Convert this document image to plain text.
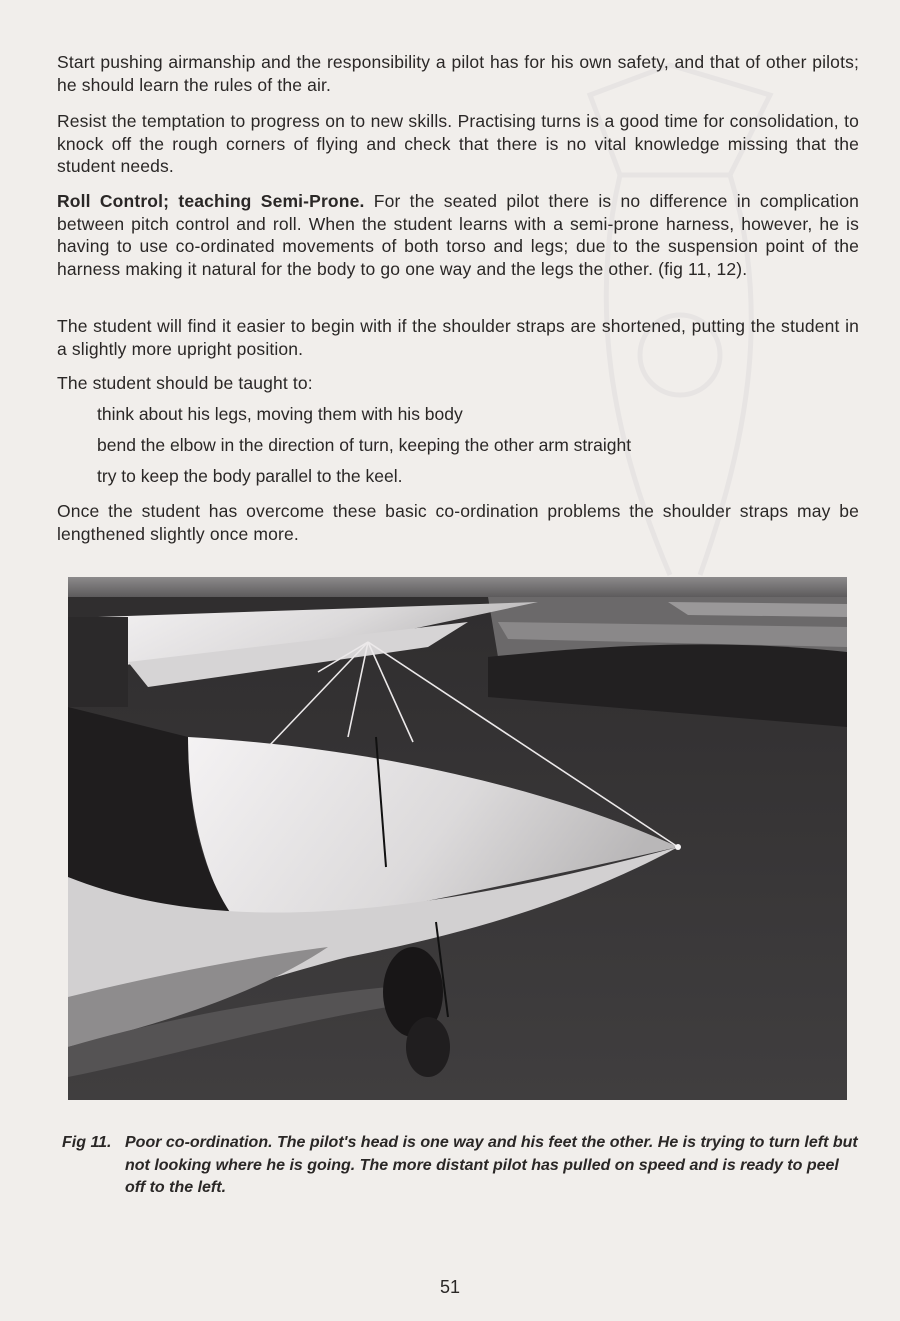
Start pushing airmanship and the responsibility a pilot has for his own safety, and that of other pilots; he should learn the rules of the air.

Resist the temptation to progress on to new skills. Practising turns is a good time for consolidation, to knock off the rough corners of flying and check that there is no vital knowledge missing that the student needs.

Roll Control; teaching Semi-Prone. For the seated pilot there is no difference in complication between pitch control and roll. When the student learns with a semi-prone harness, however, he is having to use co-ordinated movements of both torso and legs; due to the suspension point of the harness making it natural for the body to go one way and the legs the other. (fig 11, 12).

The student will find it easier to begin with if the shoulder straps are shortened, putting the student in a slightly more upright position.

The student should be taught to:

think about his legs, moving them with his body

bend the elbow in the direction of turn, keeping the other arm straight

try to keep the body parallel to the keel.

Once the student has overcome these basic co-ordination problems the shoulder straps may be lengthened slightly once more.

Fig 11. Poor co-ordination. The pilot's head is one way and his feet the other. He is trying to turn left but not looking where he is going. The more distant pilot has pulled on speed and is ready to peel off to the left.
51
